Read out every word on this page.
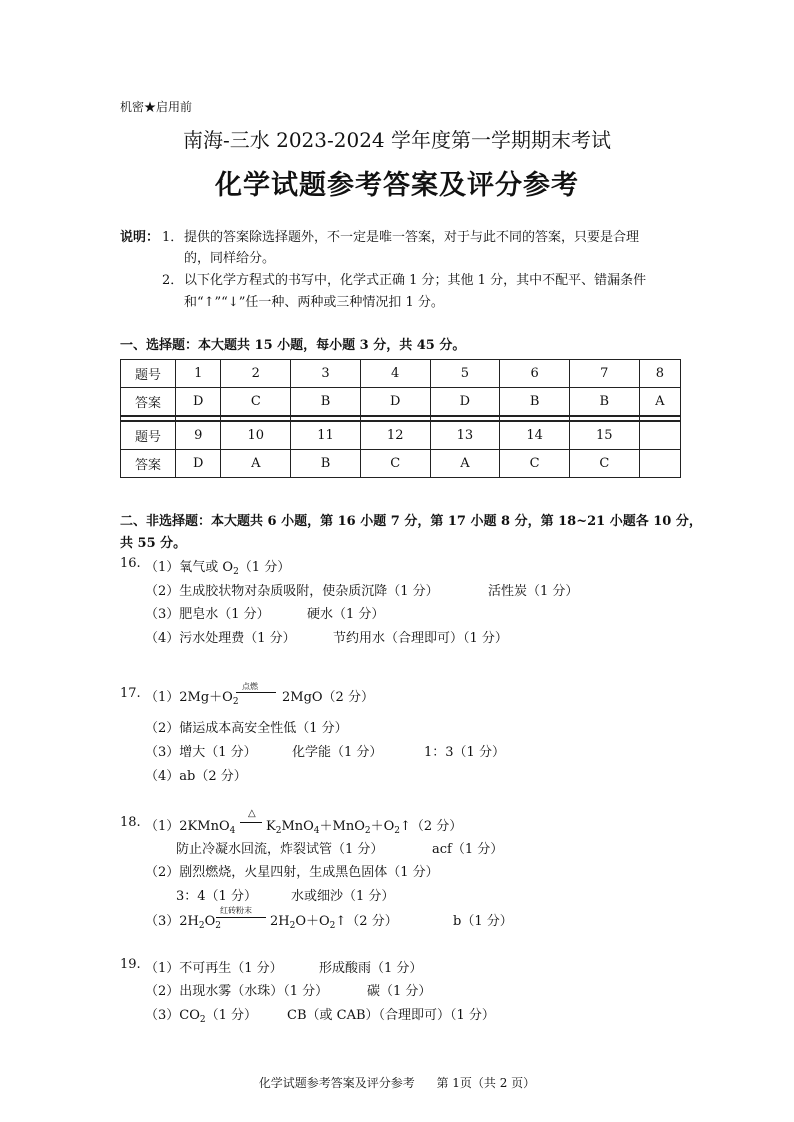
机密★启用前
南海-三水 2023-2024 学年度第一学期期末考试
化学试题参考答案及评分参考
说明： 1． 提供的答案除选择题外，不一定是唯一答案，对于与此不同的答案，只要是合理
的，同样给分。
2． 以下化学方程式的书写中，化学式正确 1 分；其他 1 分，其中不配平、错漏条件
和“↑”“↓”任一种、两种或三种情况扣 1 分。
一、选择题：本大题共 15 小题，每小题 3 分，共 45 分。
题号	1	2	3	4	5	6	7	8
答案	D	C	B	D	D	B	B	A

题号	9	10	11	12	13	14	15	
答案	D	A	B	C	A	C	C	
二、非选择题：本大题共 6 小题，第 16 小题 7 分，第 17 小题 8 分，第 18~21 小题各 10 分，
共 55 分。
16. （1）氧气或 $O_2(1$ 分）
（2）生成胶状物对杂质吸附，使杂质沉降（1 分）	活性炭（1 分）
（3）肥皂水（1 分）	硬水（1 分）
（4）污水处理费（1 分）	节约用水（合理即可）（1 分）
17. $(1)2Mg+O_2$
点燃
2MgO（2 分）
（2）储运成本高安全性低（1 分）
（3）增大（1 分）	化学能（1 分）	1：3（1 分）
（4）ab（2 分）
18. （1）2KMnO$_4$
△
$K_2MnO_4+MnO_2+O_2↑(2$ 分）
防止冷凝水回流，炸裂试管（1 分）	acf（1 分）
（2）剧烈燃烧，火星四射，生成黑色固体（1 分）
3：4（1 分）	水或细沙（1 分）
$(3)2H_2O_2$
红砖粉末
$2H_2O+O_2↑(2$ 分）	b（1 分）
19. （1）不可再生（1 分）	形成酸雨（1 分）
（2）出现水雾（水珠）（1 分）	碳（1 分）
$(3)CO_2(1$ 分） CB（或 CAB）（合理即可）（1 分）
化学试题参考答案及评分参考 第 1页（共 2 页）
